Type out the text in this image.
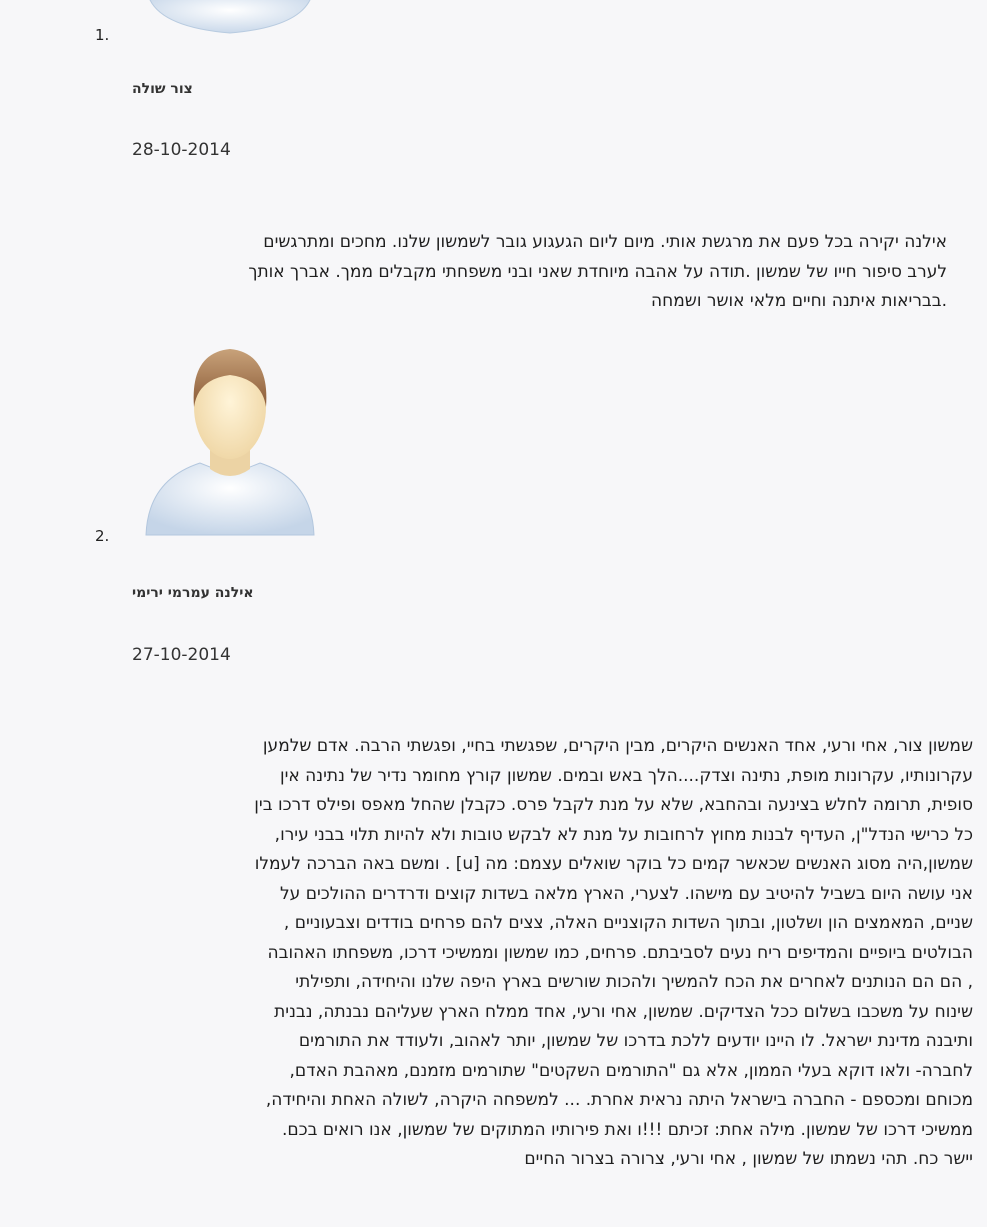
1.
צור שולה
28-10-2014

אילנה יקירה בכל פעם את מרגשת אותי. מיום ליום הגעגוע גובר לשמשון שלנו. מחכים ומתרגשים

לערב סיפור חייו של שמשון .תודה על אהבה מיוחדת שאני ובני משפחתי מקבלים ממך. אברך אותך

.בבריאות איתנה וחיים מלאי אושר ושמחה

2.
אילנה עמרמי ירימי
27-10-2014

שמשון צור, אחי ורעי, אחד האנשים היקרים, מבין היקרים, שפגשתי בחיי, ופגשתי הרבה. אדם שלמען

עקרונותיו, עקרונות מופת, נתינה וצדק....הלך באש ובמים. שמשון קורץ מחומר נדיר של נתינה אין

סופית, תרומה לחלש בצינעה ובהחבא, שלא על מנת לקבל פרס. כקבלן שהחל מאפס ופילס דרכו בין

כל כרישי הנדל"ן, העדיף לבנות מחוץ לרחובות על מנת לא לבקש טובות ולא להיות תלוי בבני עירו,

שמשון,היה מסוג האנשים שכאשר קמים כל בוקר שואלים עצמם: מה [u] . ומשם באה הברכה לעמלו

אני עושה היום בשביל להיטיב עם מישהו. לצערי, הארץ מלאה בשדות קוצים ודרדרים ההולכים על

שניים, המאמצים הון ושלטון, ובתוך השדות הקוצניים האלה, צצים להם פרחים בודדים וצבעוניים ,

הבולטים ביופיים והמדיפים ריח נעים לסביבתם. פרחים, כמו שמשון וממשיכי דרכו, משפחתו האהובה

, הם הם הנותנים לאחרים את הכח להמשיך ולהכות שורשים בארץ היפה שלנו והיחידה, ותפילתי

שינוח על משכבו בשלום ככל הצדיקים. שמשון, אחי ורעי, אחד ממלח הארץ שעליהם נבנתה, נבנית

ותיבנה מדינת ישראל. לו היינו יודעים ללכת בדרכו של שמשון, יותר לאהוב, ולעודד את התורמים

לחברה- ולאו דוקא בעלי הממון, אלא גם "התורמים השקטים" שתורמים מזמנם, מאהבת האדם,

מכוחם ומכספם - החברה בישראל היתה נראית אחרת. ... למשפחה היקרה, לשולה האחת והיחידה,

ממשיכי דרכו של שמשון. מילה אחת: זכיתם !!!ו ואת פירותיו המתוקים של שמשון, אנו רואים בכם.

יישר כח. תהי נשמתו של שמשון , אחי ורעי, צרורה בצרור החיים
